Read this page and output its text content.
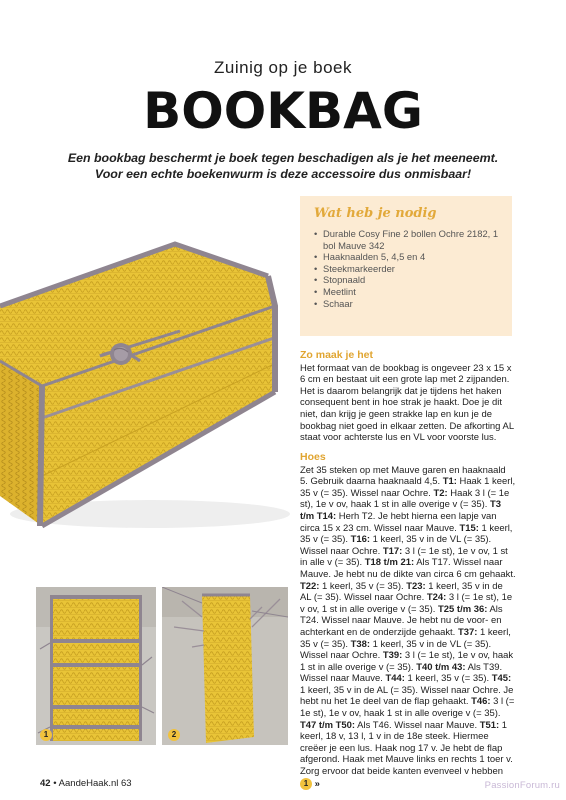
Zuinig op je boek
BOOKBAG
Een bookbag beschermt je boek tegen beschadigen als je het meeneemt.
Voor een echte boekenwurm is deze accessoire dus onmisbaar!
Wat heb je nodig
• Durable Cosy Fine 2 bollen Ochre 2182, 1 bol Mauve 342
• Haaknaalden 5, 4,5 en 4
• Steekmarkeerder
• Stopnaald
• Meetlint
• Schaar
Zo maak je het

Het formaat van de bookbag is ongeveer 23 x 15 x 6 cm en bestaat uit een grote lap met 2 zijpanden. Het is daarom belangrijk dat je tijdens het haken consequent bent in hoe strak je haakt. Doe je dit niet, dan krijg je geen strakke lap en kun je de bookbag niet goed in elkaar zetten. De afkorting AL staat voor achterste lus en VL voor voorste lus.

Hoes

Zet 35 steken op met Mauve garen en haaknaald 5. Gebruik daarna haaknaald 4,5. T1: Haak 1 keerl, 35 v (= 35). Wissel naar Ochre. T2: Haak 3 l (= 1e st), 1e v ov, haak 1 st in alle overige v (= 35). T3 t/m T14: Herh T2. Je hebt hierna een lapje van circa 15 x 23 cm. Wissel naar Mauve. T15: 1 keerl, 35 v (= 35). T16: 1 keerl, 35 v in de VL (= 35). Wissel naar Ochre. T17: 3 l (= 1e st), 1e v ov, 1 st in alle v (= 35). T18 t/m 21: Als T17. Wissel naar Mauve. Je hebt nu de dikte van circa 6 cm gehaakt. T22: 1 keerl, 35 v (= 35). T23: 1 keerl, 35 v in de AL (= 35). Wissel naar Ochre. T24: 3 l (= 1e st), 1e v ov, 1 st in alle overige v (= 35). T25 t/m 36: Als T24. Wissel naar Mauve. Je hebt nu de voor- en achterkant en de onderzijde gehaakt. T37: 1 keerl, 35 v (= 35). T38: 1 keerl, 35 v in de VL (= 35). Wissel naar Ochre. T39: 3 l (= 1e st), 1e v ov, haak 1 st in alle overige v (= 35). T40 t/m 43: Als T39. Wissel naar Mauve. T44: 1 keerl, 35 v (= 35). T45: 1 keerl, 35 v in de AL (= 35). Wissel naar Ochre. Je hebt nu het 1e deel van de flap gehaakt. T46: 3 l (= 1e st), 1e v ov, haak 1 st in alle overige v (= 35). T47 t/m T50: Als T46. Wissel naar Mauve. T51: 1 keerl, 18 v, 13 l, 1 v in de 18e steek. Hiermee creëer je een lus. Haak nog 17 v. Je hebt de flap afgerond. Haak met Mauve links en rechts 1 toer v. Zorg ervoor dat beide kanten evenveel v hebben 1 »

1	2
42 • AandeHaak.nl 63	PassionForum.ru
